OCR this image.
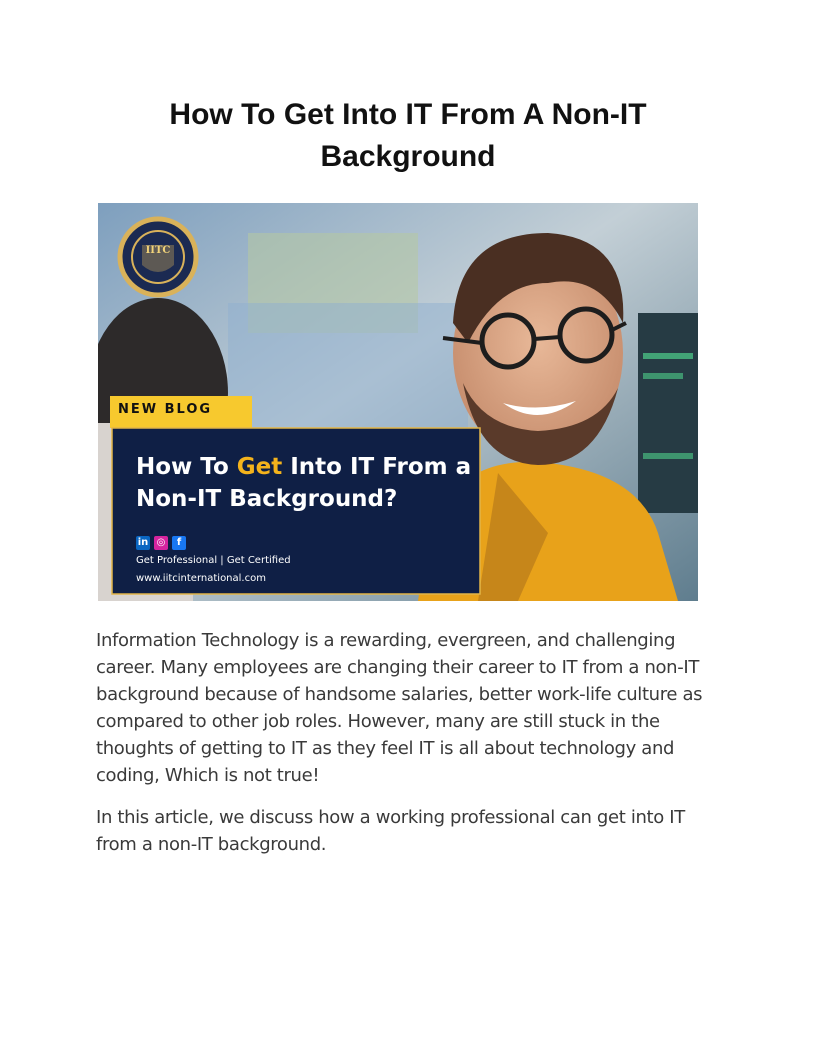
How To Get Into IT From A Non-IT Background
IITC
NEW BLOG
How To Get Into IT From a Non-IT Background?
in ◎	f
Get Professional | Get Certified
www.iitcinternational.com

Information Technology is a rewarding, evergreen, and challenging career. Many employees are changing their career to IT from a non-IT background because of handsome salaries, better work-life culture as compared to other job roles. However, many are still stuck in the thoughts of getting to IT as they feel IT is all about technology and coding, Which is not true!

In this article, we discuss how a working professional can get into IT from a non-IT background.
